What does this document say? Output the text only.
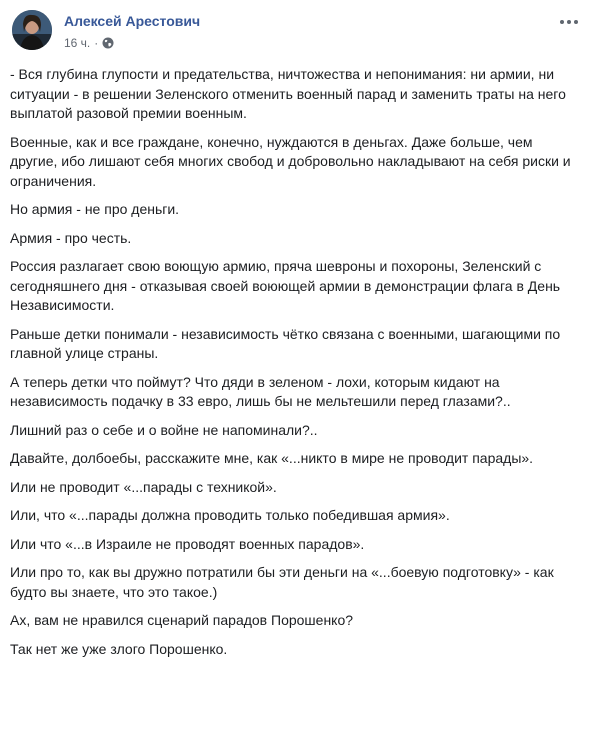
Алексей Арестович
16 ч. ·

- Вся глубина глупости и предательства, ничтожества и непонимания: ни армии, ни ситуации - в решении Зеленского отменить военный парад и заменить траты на него выплатой разовой премии военным.

Военные, как и все граждане, конечно, нуждаются в деньгах. Даже больше, чем другие, ибо лишают себя многих свобод и добровольно накладывают на себя риски и ограничения.

Но армия - не про деньги.

Армия - про честь.

Россия разлагает свою воющую армию, пряча шевроны и похороны, Зеленский с сегодняшнего дня - отказывая своей воюющей армии в демонстрации флага в День Независимости.

Раньше детки понимали - независимость чётко связана с военными, шагающими по главной улице страны.

А теперь детки что поймут? Что дяди в зеленом - лохи, которым кидают на независимость подачку в 33 евро, лишь бы не мельтешили перед глазами?..

Лишний раз о себе и о войне не напоминали?..

Давайте, долбоебы, расскажите мне, как «...никто в мире не проводит парады».

Или не проводит «...парады с техникой».

Или, что «...парады должна проводить только победившая армия».

Или что «...в Израиле не проводят военных парадов».

Или про то, как вы дружно потратили бы эти деньги на «...боевую подготовку» - как будто вы знаете, что это такое.)

Ах, вам не нравился сценарий парадов Порошенко?

Так нет же уже злого Порошенко.
